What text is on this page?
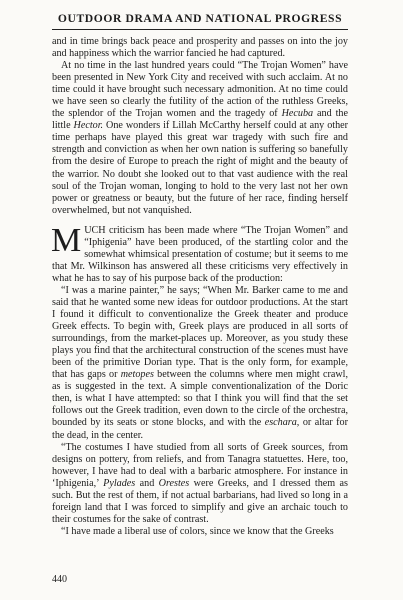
OUTDOOR DRAMA AND NATIONAL PROGRESS

and in time brings back peace and prosperity and passes on into the joy and happiness which the warrior fancied he had captured.

At no time in the last hundred years could “The Trojan Women” have been presented in New York City and received with such acclaim. At no time could it have brought such necessary admonition. At no time could we have seen so clearly the futility of the action of the ruthless Greeks, the splendor of the Trojan women and the tragedy of Hecuba and the little Hector. One wonders if Lillah McCarthy herself could at any other time perhaps have played this great war tragedy with such fire and strength and conviction as when her own nation is suffering so banefully from the desire of Europe to preach the right of might and the beauty of the warrior. No doubt she looked out to that vast audience with the real soul of the Trojan woman, longing to hold to the very last not her own power or greatness or beauty, but the future of her race, finding herself overwhelmed, but not vanquished.

MUCH criticism has been made where “The Trojan Women” and “Iphigenia” have been produced, of the startling color and the somewhat whimsical presentation of costume; but it seems to me that Mr. Wilkinson has answered all these criticisms very effectively in what he has to say of his purpose back of the production:

“I was a marine painter,” he says; “When Mr. Barker came to me and said that he wanted some new ideas for outdoor productions. At the start I found it difficult to conventionalize the Greek theater and produce Greek effects. To begin with, Greek plays are produced in all sorts of surroundings, from the market-places up. Moreover, as you study these plays you find that the architectural construction of the scenes must have been of the primitive Dorian type. That is the only form, for example, that has gaps or metopes between the columns where men might crawl, as is suggested in the text. A simple conventionalization of the Doric then, is what I have attempted: so that I think you will find that the set follows out the Greek tradition, even down to the circle of the orchestra, bounded by its seats or stone blocks, and with the eschara, or altar for the dead, in the center.

“The costumes I have studied from all sorts of Greek sources, from designs on pottery, from reliefs, and from Tanagra statuettes. Here, too, however, I have had to deal with a barbaric atmosphere. For instance in ‘Iphigenia,’ Pylades and Orestes were Greeks, and I dressed them as such. But the rest of them, if not actual barbarians, had lived so long in a foreign land that I was forced to simplify and give an archaic touch to their costumes for the sake of contrast.

“I have made a liberal use of colors, since we know that the Greeks

440
